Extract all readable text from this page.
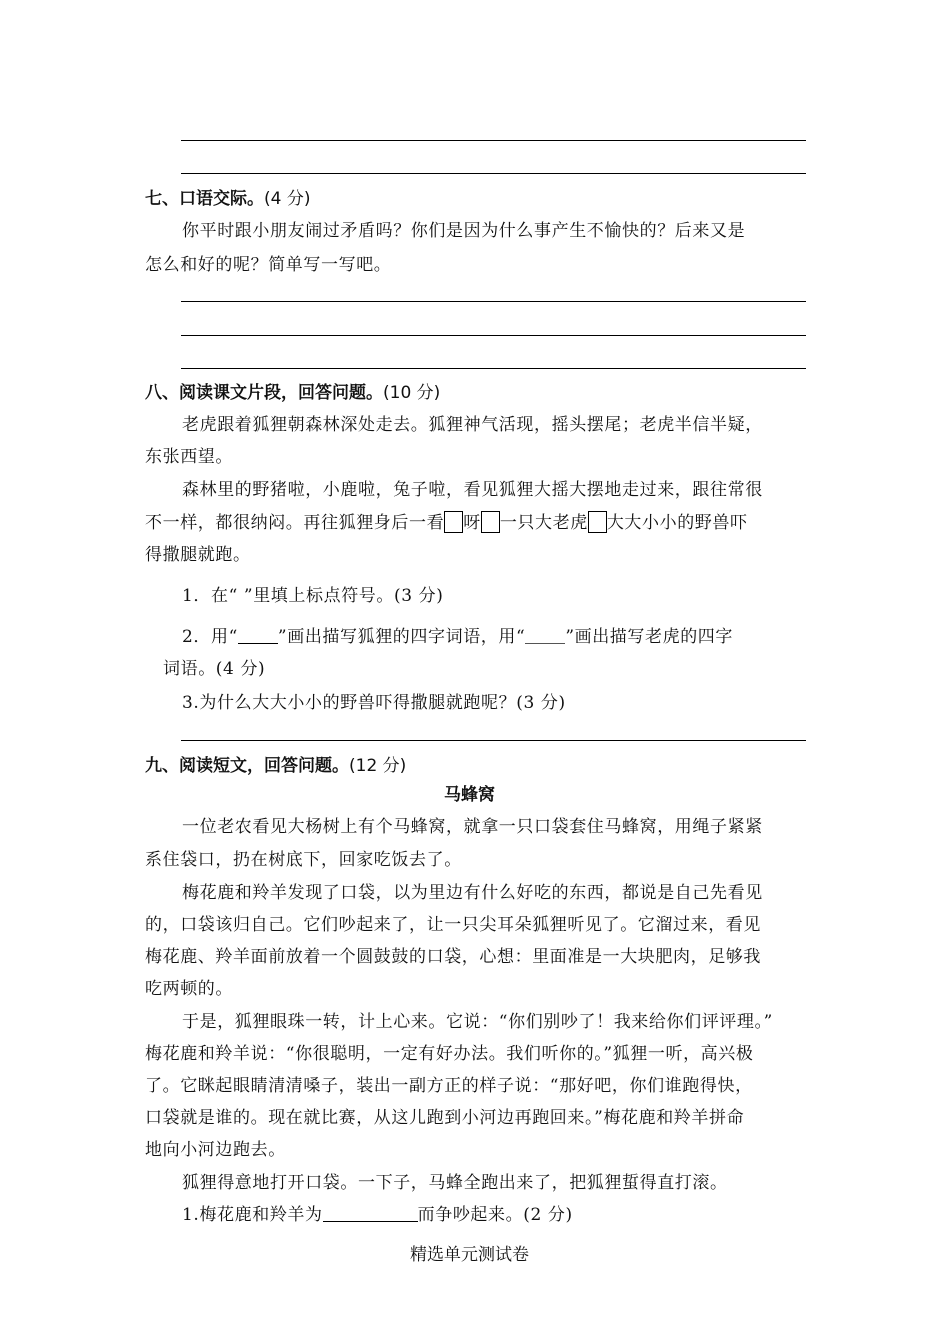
七、口语交际。(4 分)
你平时跟小朋友闹过矛盾吗？你们是因为什么事产生不愉快的？后来又是
怎么和好的呢？简单写一写吧。
八、阅读课文片段，回答问题。(10 分)
老虎跟着狐狸朝森林深处走去。狐狸神气活现，摇头摆尾；老虎半信半疑，
东张西望。
森林里的野猪啦，小鹿啦，兔子啦，看见狐狸大摇大摆地走过来，跟往常很
不一样，都很纳闷。再往狐狸身后一看 呀 一只大老虎 大大小小的野兽吓
得撒腿就跑。
1．在“ ”里填上标点符号。(3 分)
2．用“ ”画出描写狐狸的四字词语，用“ ”画出描写老虎的四字
词语。(4 分)
3.为什么大大小小的野兽吓得撒腿就跑呢？(3 分)
九、阅读短文，回答问题。(12 分)
马蜂窝
一位老农看见大杨树上有个马蜂窝，就拿一只口袋套住马蜂窝，用绳子紧紧
系住袋口，扔在树底下，回家吃饭去了。
梅花鹿和羚羊发现了口袋，以为里边有什么好吃的东西，都说是自己先看见
的，口袋该归自己。它们吵起来了，让一只尖耳朵狐狸听见了。它溜过来，看见
梅花鹿、羚羊面前放着一个圆鼓鼓的口袋，心想：里面准是一大块肥肉，足够我
吃两顿的。
于是，狐狸眼珠一转，计上心来。它说：“你们别吵了！我来给你们评评理。”
梅花鹿和羚羊说：“你很聪明，一定有好办法。我们听你的。”狐狸一听，高兴极
了。它眯起眼睛清清嗓子，装出一副方正的样子说：“那好吧，你们谁跑得快，
口袋就是谁的。现在就比赛，从这儿跑到小河边再跑回来。”梅花鹿和羚羊拼命
地向小河边跑去。
狐狸得意地打开口袋。一下子，马蜂全跑出来了，把狐狸蜇得直打滚。
1.梅花鹿和羚羊为	而争吵起来。(2 分)
精选单元测试卷
